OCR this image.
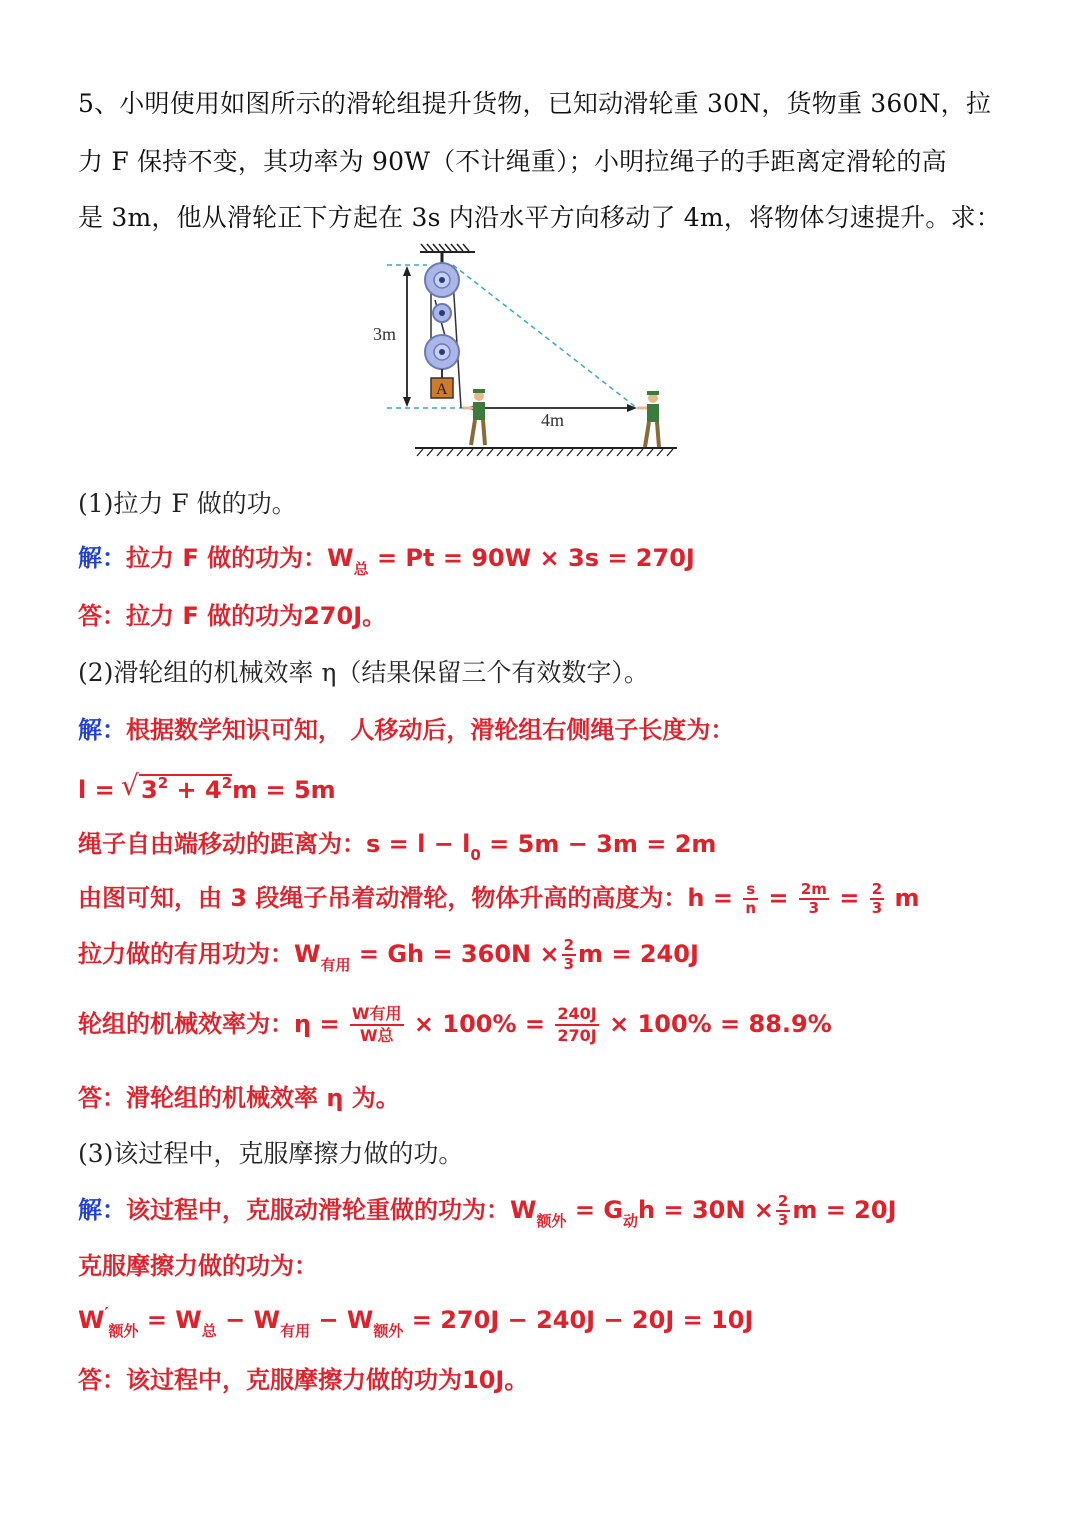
5、小明使用如图所示的滑轮组提升货物，已知动滑轮重 30N，货物重 360N，拉
力 F 保持不变，其功率为 90W（不计绳重）；小明拉绳子的手距离定滑轮的高
是 3m，他从滑轮正下方起在 3s 内沿水平方向移动了 4m，将物体匀速提升。求：
3m
A
4m
(1)拉力 F 做的功。
解：拉力 F 做的功为：$W_总 = Pt = 90W \times 3s = 270J$
答：拉力 F 做的功为270J。
(2)滑轮组的机械效率 η（结果保留三个有效数字）。
解：根据数学知识可知， 人移动后，滑轮组右侧绳子长度为：
l = √ $3^2 + 4^2m = 5m$
绳子自由端移动的距离为：$s = l - l_0 = 5m - 3m = 2m$
由图可知，由 3 段绳子吊着动滑轮，物体升高的高度为：$h = \frac{s}{n} = \frac{2m}{3} = \frac{2}{3}$ m
拉力做的有用功为：$W_{有用} = Gh = 360N \times \frac{2}{3}$ m = 240J
轮组的机械效率为：$\eta = \frac{\text{W有用}}{\text{W总}} \times 100\% = \frac{240J}{270J} \times 100\% = 88.9\%$
答：滑轮组的机械效率 η 为。
(3)该过程中，克服摩擦力做的功。
解：该过程中，克服动滑轮重做的功为：$W_{额外} = G_动h = 30N \times \frac{2}{3}$ m = 20J
克服摩擦力做的功为：
$W'_{额外} = W_总 - W_{有用} - W_{额外} = 270J - 240J - 20J = 10J$
答：该过程中，克服摩擦力做的功为10J。
